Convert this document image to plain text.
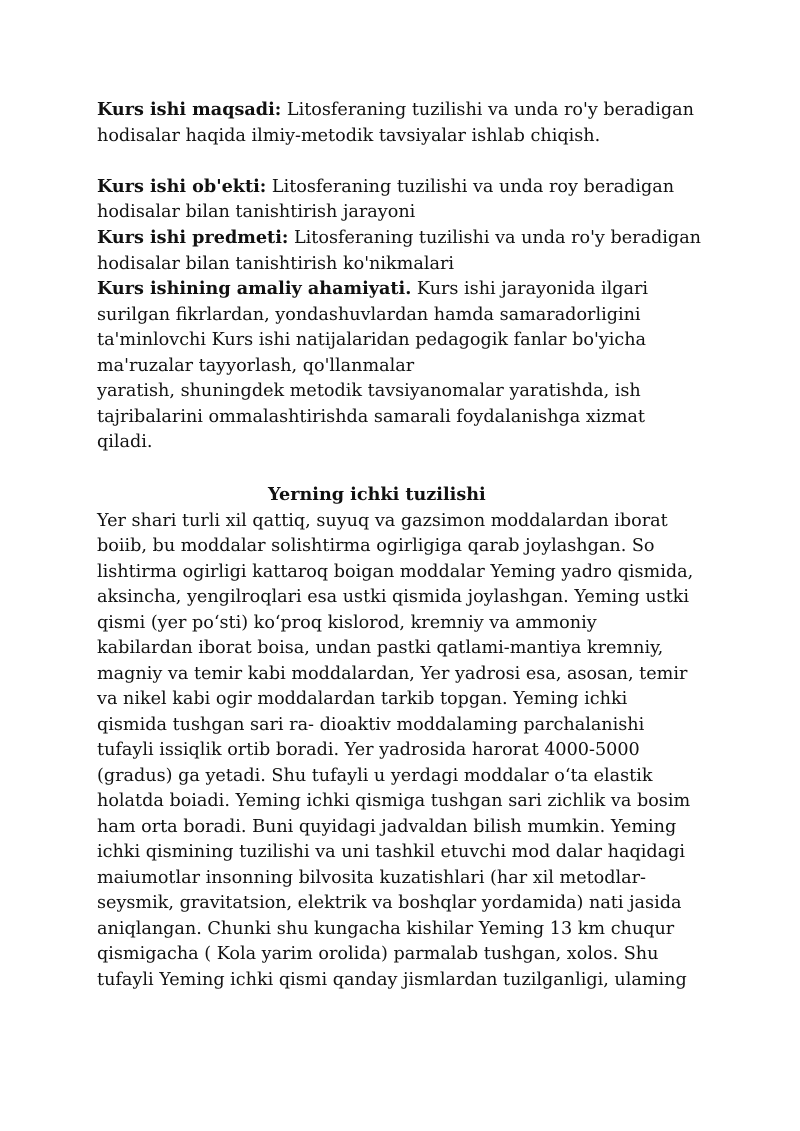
Kurs ishi maqsadi: Litosferaning tuzilishi va unda ro'y beradigan
hodisalar haqida ilmiy-metodik tavsiyalar ishlab chiqish.
Kurs ishi ob'ekti: Litosferaning tuzilishi va unda roy beradigan
hodisalar bilan tanishtirish jarayoni
Kurs ishi predmeti: Litosferaning tuzilishi va unda ro'y beradigan
hodisalar bilan tanishtirish ko'nikmalari
Kurs ishining amaliy ahamiyati. Kurs ishi jarayonida ilgari
surilgan fikrlardan, yondashuvlardan hamda samaradorligini
ta'minlovchi Kurs ishi natijalaridan pedagogik fanlar bo'yicha
ma'ruzalar tayyorlash, qo'llanmalar
yaratish, shuningdek metodik tavsiyanomalar yaratishda, ish
tajribalarini ommalashtirishda samarali foydalanishga xizmat
qiladi.
Yerning ichki tuzilishi
Yer shari turli xil qattiq, suyuq va gazsimon moddalardan iborat
boiib, bu moddalar solishtirma ogirligiga qarab joylashgan. So
lishtirma ogirligi kattaroq boigan moddalar Yeming yadro qismida,
aksincha, yengilroqlari esa ustki qismida joylashgan. Yeming ustki
qismi (yer po‘sti) ko‘proq kislorod, kremniy va ammoniy
kabilardan iborat boisa, undan pastki qatlami-mantiya kremniy,
magniy va temir kabi moddalardan, Yer yadrosi esa, asosan, temir
va nikel kabi ogir moddalardan tarkib topgan. Yeming ichki
qismida tushgan sari ra- dioaktiv moddalaming parchalanishi
tufayli issiqlik ortib boradi. Yer yadrosida harorat 4000-5000
(gradus) ga yetadi. Shu tufayli u yerdagi moddalar o‘ta elastik
holatda boiadi. Yeming ichki qismiga tushgan sari zichlik va bosim
ham orta boradi. Buni quyidagi jadvaldan bilish mumkin. Yeming
ichki qismining tuzilishi va uni tashkil etuvchi mod dalar haqidagi
maiumotlar insonning bilvosita kuzatishlari (har xil metodlar-
seysmik, gravitatsion, elektrik va boshqlar yordamida) nati jasida
aniqlangan. Chunki shu kungacha kishilar Yeming 13 km chuqur
qismigacha ( Kola yarim orolida) parmalab tushgan, xolos. Shu
tufayli Yeming ichki qismi qanday jismlardan tuzilganligi, ulaming
